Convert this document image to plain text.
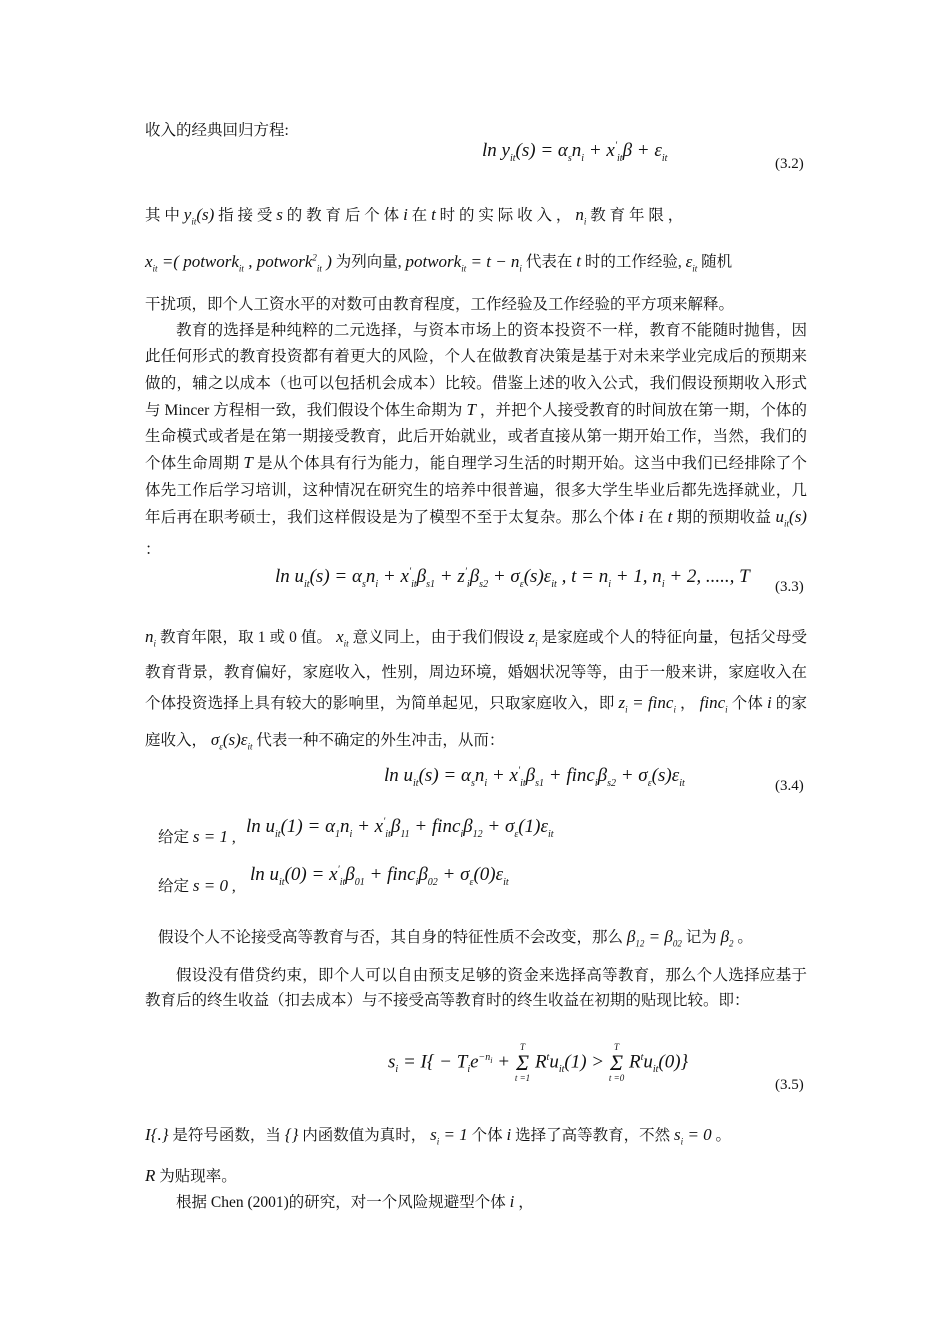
收入的经典回归方程:
$\ln y_{it}(s) = \alpha_sn_i + x'_{it}\beta + \varepsilon_{it}$	(3.2)
其 中 $y_{it}(s)$ 指 接 受 s 的 教 育 后 个 体 i 在 t 时 的 实 际 收 入 ， $n_i$ 教 育 年 限 ，
$x_{it}$ =( potwork$_{it}$ , potwork$^2_{it}$ ) 为列向量, potwork$_{it}$ = $t - n_i$ 代表在 t 时的工作经验, $\varepsilon_{it}$ 随机
干扰项，即个人工资水平的对数可由教育程度，工作经验及工作经验的平方项来解释。
教育的选择是种纯粹的二元选择，与资本市场上的资本投资不一样，教育不能随时抛售，因此任何形式的教育投资都有着更大的风险，个人在做教育决策是基于对未来学业完成后的预期来做的，辅之以成本（也可以包括机会成本）比较。借鉴上述的收入公式，我们假设预期收入形式与 Mincer 方程相一致，我们假设个体生命期为 T ，并把个人接受教育的时间放在第一期，个体的生命模式或者是在第一期接受教育，此后开始就业，或者直接从第一期开始工作，当然，我们的个体生命周期 T 是从个体具有行为能力，能自理学习生活的时期开始。这当中我们已经排除了个体先工作后学习培训，这种情况在研究生的培养中很普遍，很多大学生毕业后都先选择就业，几年后再在职考硕士，我们这样假设是为了模型不至于太复杂。那么个体 i 在 t 期的预期收益 $u_{it}(s)$ ：
$\ln u_{it}(s) = \alpha_sn_i + x'_{it}\beta_{s1} + z'_i\beta_{s2} + \sigma_\varepsilon(s)\varepsilon_{it}$ , $t = n_i + 1$, $n_i + 2$, ....., T (3.3)
$n_i$ 教育年限，取 1 或 0 值。 $x_{it}$ 意义同上，由于我们假设 $z_i$ 是家庭或个人的特征向量，包括父母受教育背景，教育偏好，家庭收入，性别，周边环境，婚姻状况等等，由于一般来讲，家庭收入在个体投资选择上具有较大的影响里，为简单起见，只取家庭收入，即 $z_i$ = finc$_i$ ， finc$_i$ 个体 i 的家庭收入， $\sigma_\varepsilon(s)\varepsilon_{it}$ 代表一种不确定的外生冲击，从而：
$\ln u_{it}(s) = \alpha_sn_i + x'_{it}\beta_{s1}$ + $finc_i\beta_{s2} + \sigma_\varepsilon(s)\varepsilon_{it}$	(3.4)
给定 s = 1 ,
$\ln u_{it}(1) = \alpha_1n_i + x'_{it}\beta_{11}$ + $finc_i\beta_{12} + \sigma_\varepsilon(1)\varepsilon_{it}$
给定 s = 0 ,
$\ln u_{it}(0) = x'_{it}\beta_{01}$ + $finc_i\beta_{02} + \sigma_\varepsilon(0)\varepsilon_{it}$
假设个人不论接受高等教育与否，其自身的特征性质不会改变，那么 $\beta_{12} = \beta_{02}$ 记为 $\beta_2$ 。
假设没有借贷约束，即个人可以自由预支足够的资金来选择高等教育，那么个人选择应基于教育后的终生收益（扣去成本）与不接受高等教育时的终生收益在初期的贴现比较。即：
$s_i = I\{ - T_ie^{-n_i}$ +
T
Σ
t =1
$R^tu_{it}(1)$ >
T
Σ
t =0
$R^tu_{it}(0)$}
(3.5)
I{.} 是符号函数，当 {} 内函数值为真时， $s_i = 1$ 个体 i 选择了高等教育，不然 $s_i = 0$ 。
R 为贴现率。
根据 Chen (2001)的研究，对一个风险规避型个体 i ，
